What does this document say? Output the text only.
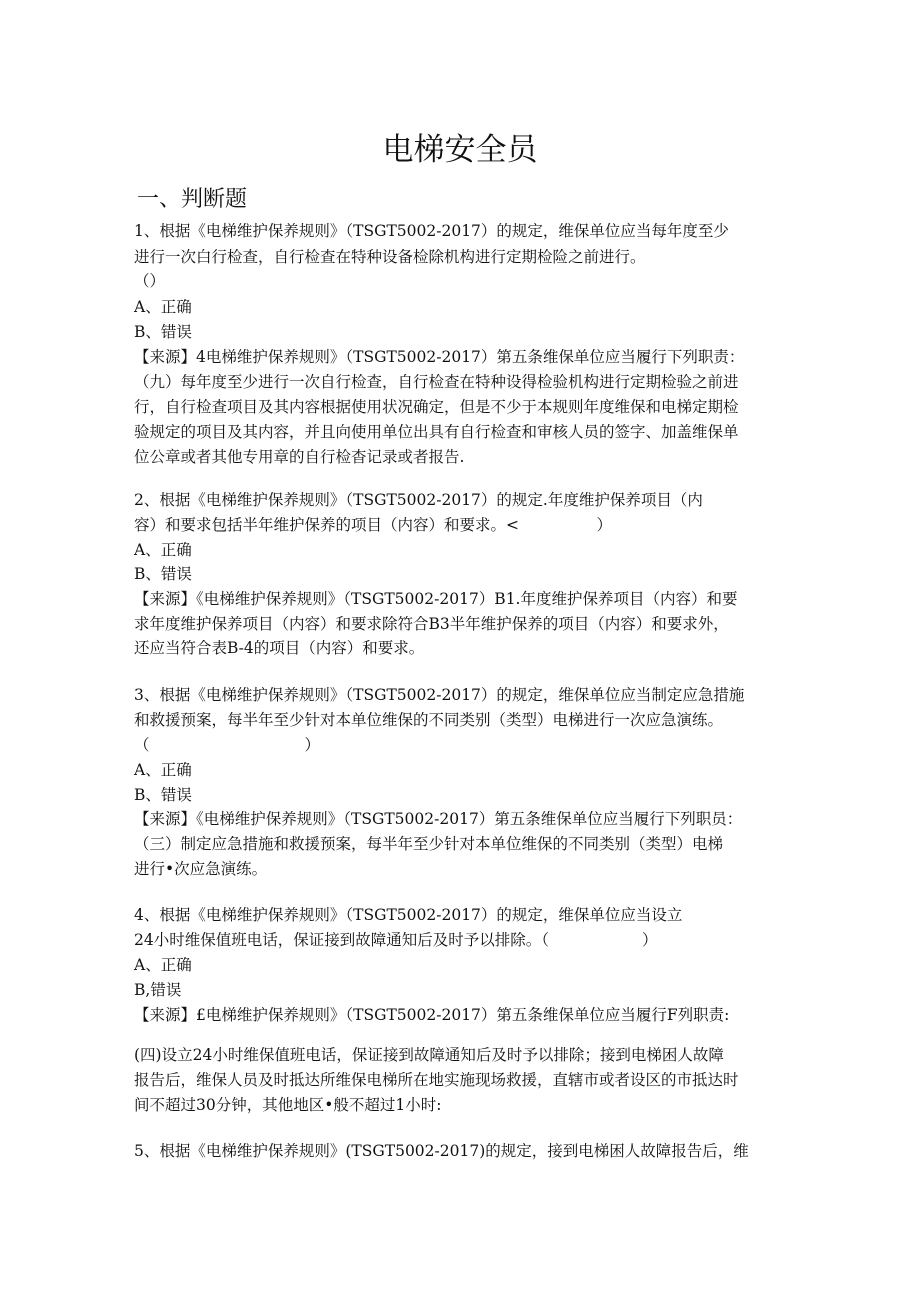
电梯安全员
一、判断题
1、根据《电梯维护保养规则》（TSGT5002-2017）的规定，维保单位应当每年度至少
进行一次白行检查，自行检查在特种设备检除机构进行定期检险之前进行。
（）
A、正确
B、错误
【来源】4电梯维护保养规则》（TSGT5002-2017）第五条维保单位应当履行下列职责：
（九）每年度至少进行一次自行检查，自行检查在特种设得检验机构进行定期检验之前进
行，自行检查项目及其内容根据使用状况确定，但是不少于本规则年度维保和电梯定期检
验规定的项目及其内容，并且向使用单位出具有自行检查和审核人员的签字、加盖维保单
位公章或者其他专用章的自行检杳记录或者报告.
2、根据《电梯维护保养规则》（TSGT5002-2017）的规定.年度维护保养项目（内
容）和要求包括半年维护保养的项目（内容）和要求。<　　　　　）
A、正确
B、错误
【来源】《电梯维护保养规则》（TSGT5002-2017）B1.年度维护保养项目（内容）和要
求年度维护保养项目（内容）和要求除符合B3半年维护保养的项目（内容）和要求外，
还应当符合表B-4的项目（内容）和要求。
3、根据《电梯维护保养规则》（TSGT5002-2017）的规定，维保单位应当制定应急措施
和救援预案，每半年至少针对本单位维保的不同类别（类型）电梯进行一次应急演练。
（　　　　　　　　　　）
A、正确
B、错误
【来源】《电梯维护保养规则》（TSGT5002-2017）第五条维保单位应当履行下列职员：
（三）制定应急措施和救援预案，每半年至少针对本单位维保的不同类别（类型）电梯
进行•次应急演练。
4、根据《电梯维护保养规则》（TSGT5002-2017）的规定，维保单位应当设立
24小时维保值班电话，保证接到故障通知后及时予以排除。（　　　　　　）
A、正确
B,错误
【来源】£电梯维护保养规则》（TSGT5002-2017）第五条维保单位应当履行F列职责:
(四)设立24小时维保值班电话，保证接到故障通知后及时予以排除；接到电梯困人故障
报告后，维保人员及时抵达所维保电梯所在地实施现场救援，直辖市或者设区的市抵达时
间不超过30分钟，其他地区•般不超过1小时:
5、根据《电梯维护保养规则》(TSGT5002-2017)的规定，接到电梯困人故障报告后，维
